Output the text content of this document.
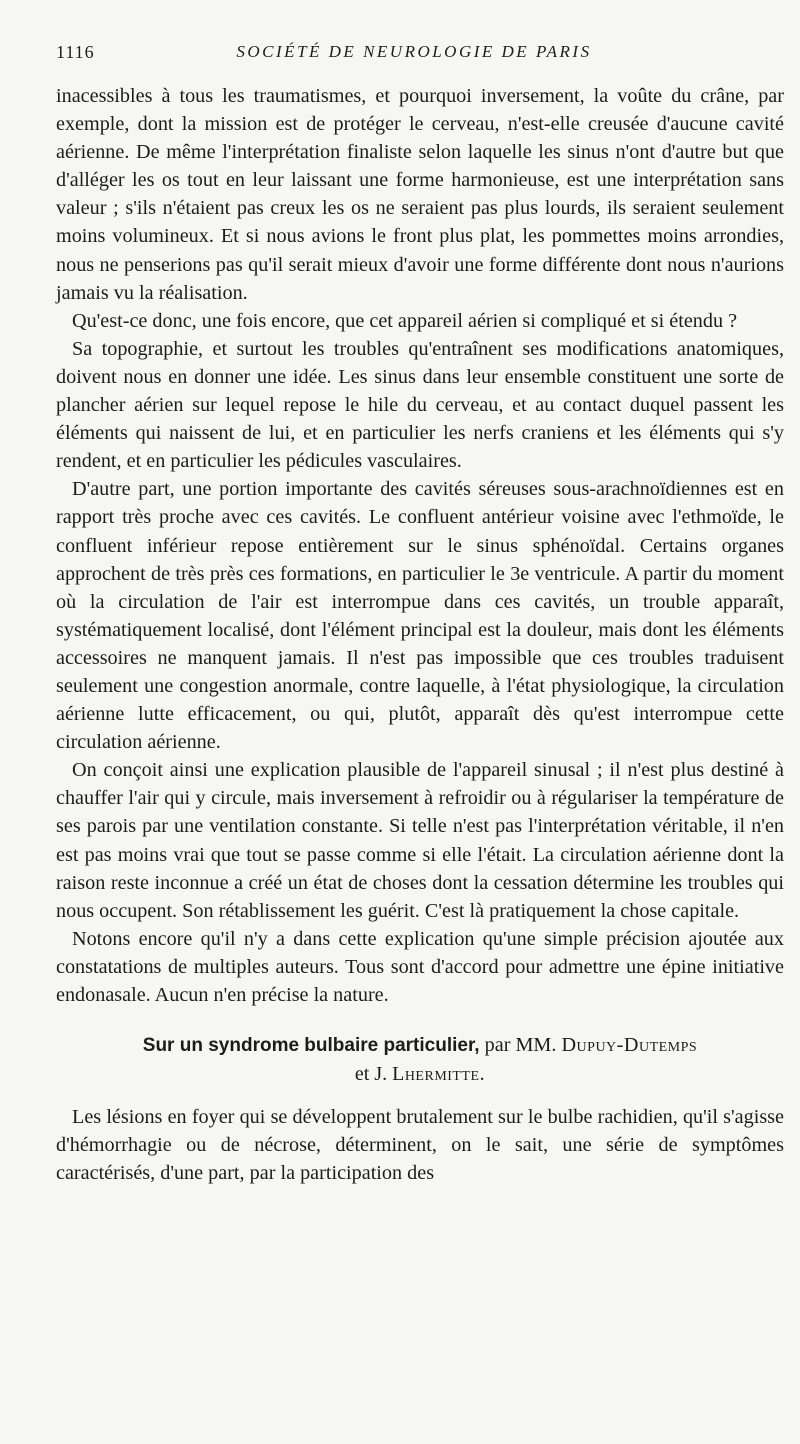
1116	SOCIÉTÉ DE NEUROLOGIE DE PARIS

inacessibles à tous les traumatismes, et pourquoi inversement, la voûte du crâne, par exemple, dont la mission est de protéger le cerveau, n'est-elle creusée d'aucune cavité aérienne. De même l'interprétation finaliste selon laquelle les sinus n'ont d'autre but que d'alléger les os tout en leur laissant une forme harmonieuse, est une interprétation sans valeur ; s'ils n'étaient pas creux les os ne seraient pas plus lourds, ils seraient seulement moins volumineux. Et si nous avions le front plus plat, les pommettes moins arrondies, nous ne penserions pas qu'il serait mieux d'avoir une forme différente dont nous n'aurions jamais vu la réalisation.

Qu'est-ce donc, une fois encore, que cet appareil aérien si compliqué et si étendu ?

Sa topographie, et surtout les troubles qu'entraînent ses modifications anatomiques, doivent nous en donner une idée. Les sinus dans leur ensemble constituent une sorte de plancher aérien sur lequel repose le hile du cerveau, et au contact duquel passent les éléments qui naissent de lui, et en particulier les nerfs craniens et les éléments qui s'y rendent, et en particulier les pédicules vasculaires.

D'autre part, une portion importante des cavités séreuses sous-arachnoïdiennes est en rapport très proche avec ces cavités. Le confluent antérieur voisine avec l'ethmoïde, le confluent inférieur repose entièrement sur le sinus sphénoïdal. Certains organes approchent de très près ces formations, en particulier le 3e ventricule. A partir du moment où la circulation de l'air est interrompue dans ces cavités, un trouble apparaît, systématiquement localisé, dont l'élément principal est la douleur, mais dont les éléments accessoires ne manquent jamais. Il n'est pas impossible que ces troubles traduisent seulement une congestion anormale, contre laquelle, à l'état physiologique, la circulation aérienne lutte efficacement, ou qui, plutôt, apparaît dès qu'est interrompue cette circulation aérienne.

On conçoit ainsi une explication plausible de l'appareil sinusal ; il n'est plus destiné à chauffer l'air qui y circule, mais inversement à refroidir ou à régulariser la température de ses parois par une ventilation constante. Si telle n'est pas l'interprétation véritable, il n'en est pas moins vrai que tout se passe comme si elle l'était. La circulation aérienne dont la raison reste inconnue a créé un état de choses dont la cessation détermine les troubles qui nous occupent. Son rétablissement les guérit. C'est là pratiquement la chose capitale.

Notons encore qu'il n'y a dans cette explication qu'une simple précision ajoutée aux constatations de multiples auteurs. Tous sont d'accord pour admettre une épine initiative endonasale. Aucun n'en précise la nature.

Sur un syndrome bulbaire particulier, par MM. Dupuy-Dutemps
et J. Lhermitte.

Les lésions en foyer qui se développent brutalement sur le bulbe rachidien, qu'il s'agisse d'hémorrhagie ou de nécrose, déterminent, on le sait, une série de symptômes caractérisés, d'une part, par la participation des
